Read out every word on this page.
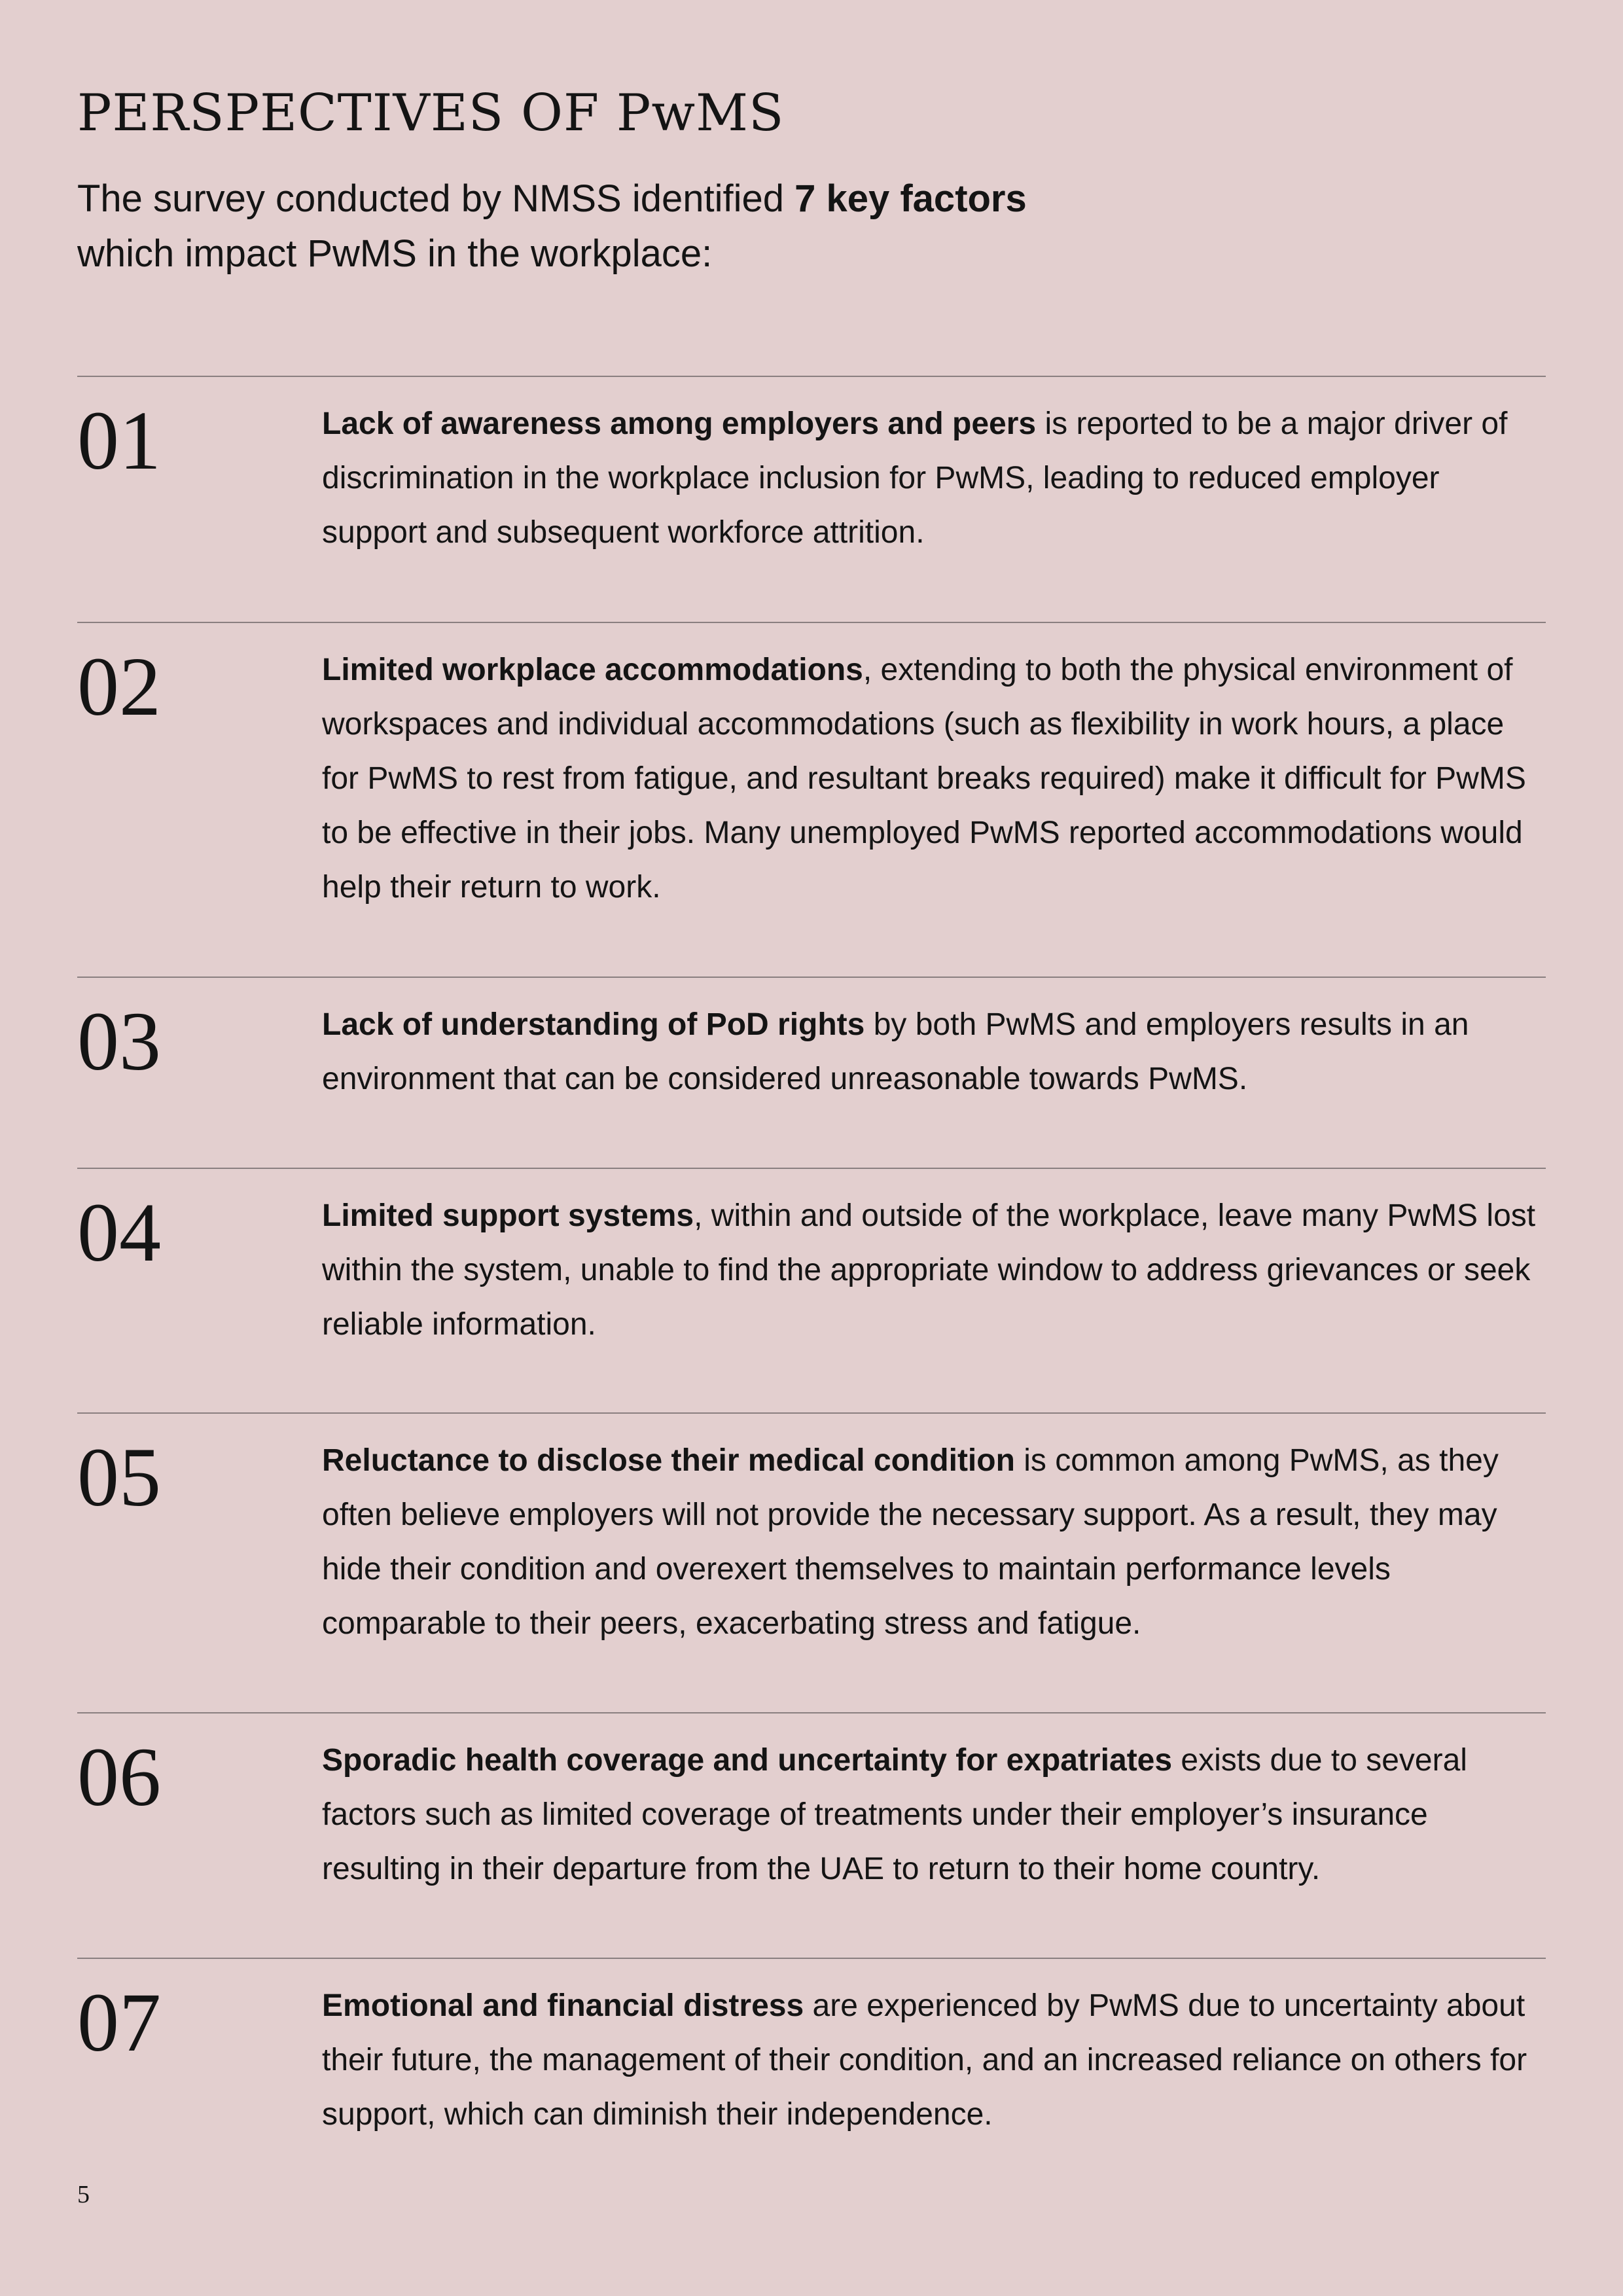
PERSPECTIVES OF PwMS

The survey conducted by NMSS identified 7 key factors
which impact PwMS in the workplace:

01	Lack of awareness among employers and peers is reported to be a major driver of discrimination in the workplace inclusion for PwMS, leading to reduced employer support and subsequent workforce attrition.

02	Limited workplace accommodations, extending to both the physical environment of workspaces and individual accommodations (such as flexibility in work hours, a place for PwMS to rest from fatigue, and resultant breaks required) make it difficult for PwMS to be effective in their jobs. Many unemployed PwMS reported accommodations would help their return to work.

03	Lack of understanding of PoD rights by both PwMS and employers results in an environment that can be considered unreasonable towards PwMS.

04	Limited support systems, within and outside of the workplace, leave many PwMS lost within the system, unable to find the appropriate window to address grievances or seek reliable information.

05	Reluctance to disclose their medical condition is common among PwMS, as they often believe employers will not provide the necessary support. As a result, they may hide their condition and overexert themselves to maintain performance levels comparable to their peers, exacerbating stress and fatigue.

06	Sporadic health coverage and uncertainty for expatriates exists due to several factors such as limited coverage of treatments under their employer’s insurance resulting in their departure from the UAE to return to their home country.

07	Emotional and financial distress are experienced by PwMS due to uncertainty about their future, the management of their condition, and an increased reliance on others for support, which can diminish their independence.

5
